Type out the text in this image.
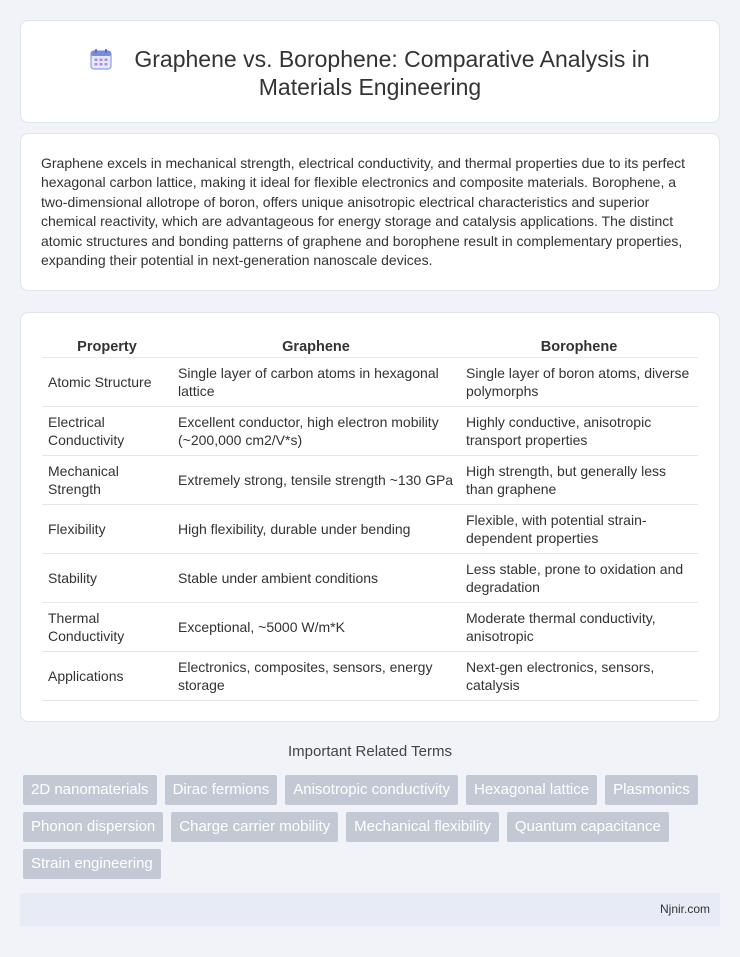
Graphene vs. Borophene: Comparative Analysis in Materials Engineering

Graphene excels in mechanical strength, electrical conductivity, and thermal properties due to its perfect hexagonal carbon lattice, making it ideal for flexible electronics and composite materials. Borophene, a two-dimensional allotrope of boron, offers unique anisotropic electrical characteristics and superior chemical reactivity, which are advantageous for energy storage and catalysis applications. The distinct atomic structures and bonding patterns of graphene and borophene result in complementary properties, expanding their potential in next-generation nanoscale devices.

Property	Graphene	Borophene
Atomic Structure	Single layer of carbon atoms in hexagonal lattice	Single layer of boron atoms, diverse polymorphs
Electrical Conductivity	Excellent conductor, high electron mobility (~200,000 cm2/V*s)	Highly conductive, anisotropic transport properties
Mechanical Strength	Extremely strong, tensile strength ~130 GPa	High strength, but generally less than graphene
Flexibility	High flexibility, durable under bending	Flexible, with potential strain-dependent properties
Stability	Stable under ambient conditions	Less stable, prone to oxidation and degradation
Thermal Conductivity	Exceptional, ~5000 W/m*K	Moderate thermal conductivity, anisotropic
Applications	Electronics, composites, sensors, energy storage	Next-gen electronics, sensors, catalysis
Important Related Terms
2D nanomaterials	Dirac fermions	Anisotropic conductivity	Hexagonal lattice	Plasmonics
Phonon dispersion	Charge carrier mobility	Mechanical flexibility	Quantum capacitance
Strain engineering
Njnir.com
